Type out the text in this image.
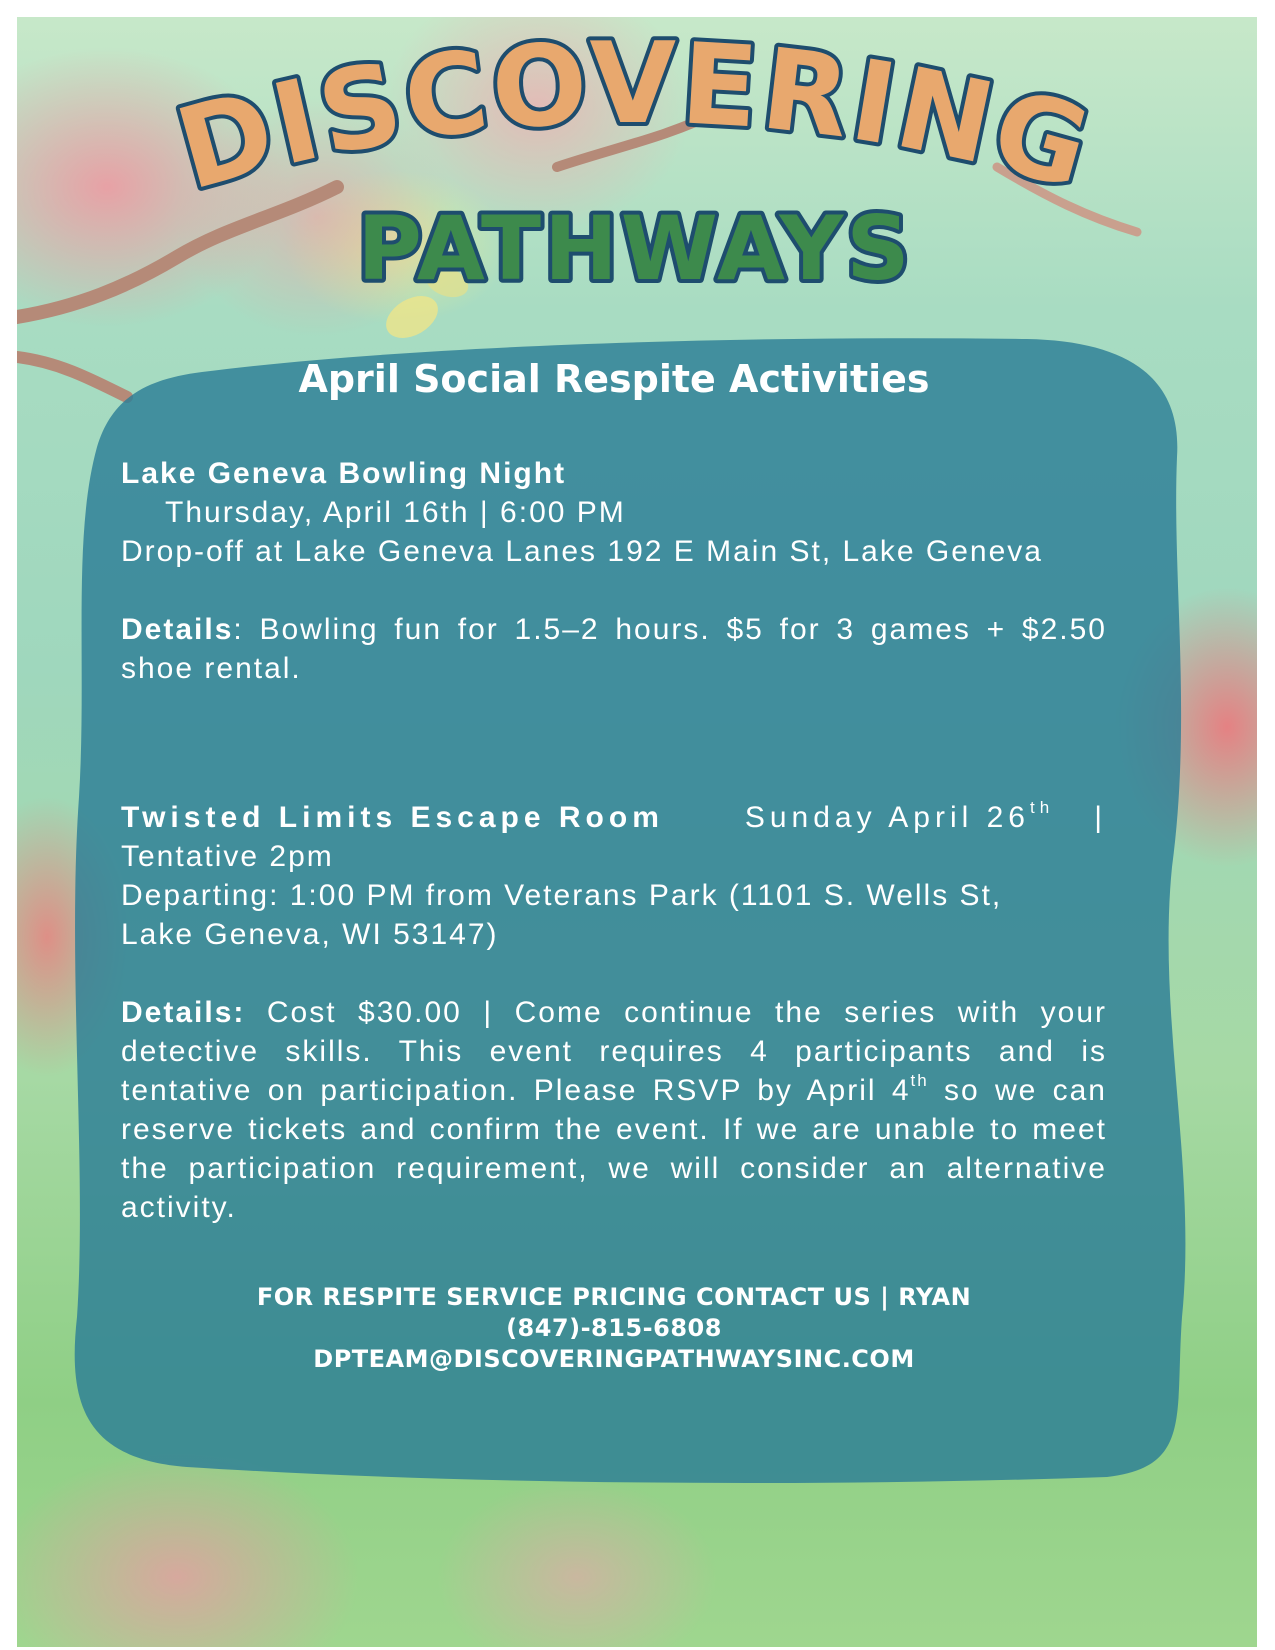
DISCOVERING
PATHWAYS
April Social Respite Activities
Lake Geneva Bowling Night
Thursday, April 16th | 6:00 PM
Drop-off at Lake Geneva Lanes 192 E Main St, Lake Geneva
Details: Bowling fun for 1.5–2 hours. $5 for 3 games + $2.50 shoe rental.
Twisted Limits Escape Room	Sunday April 26th |
Tentative 2pm
Departing: 1:00 PM from Veterans Park (1101 S. Wells St,
Lake Geneva, WI 53147)
Details: Cost $30.00 | Come continue the series with your detective skills. This event requires 4 participants and is tentative on participation. Please RSVP by April 4th so we can reserve tickets and confirm the event. If we are unable to meet the participation requirement, we will consider an alternative activity.
FOR RESPITE SERVICE PRICING CONTACT US | RYAN
(847)-815-6808
DPTEAM@DISCOVERINGPATHWAYSINC.COM
